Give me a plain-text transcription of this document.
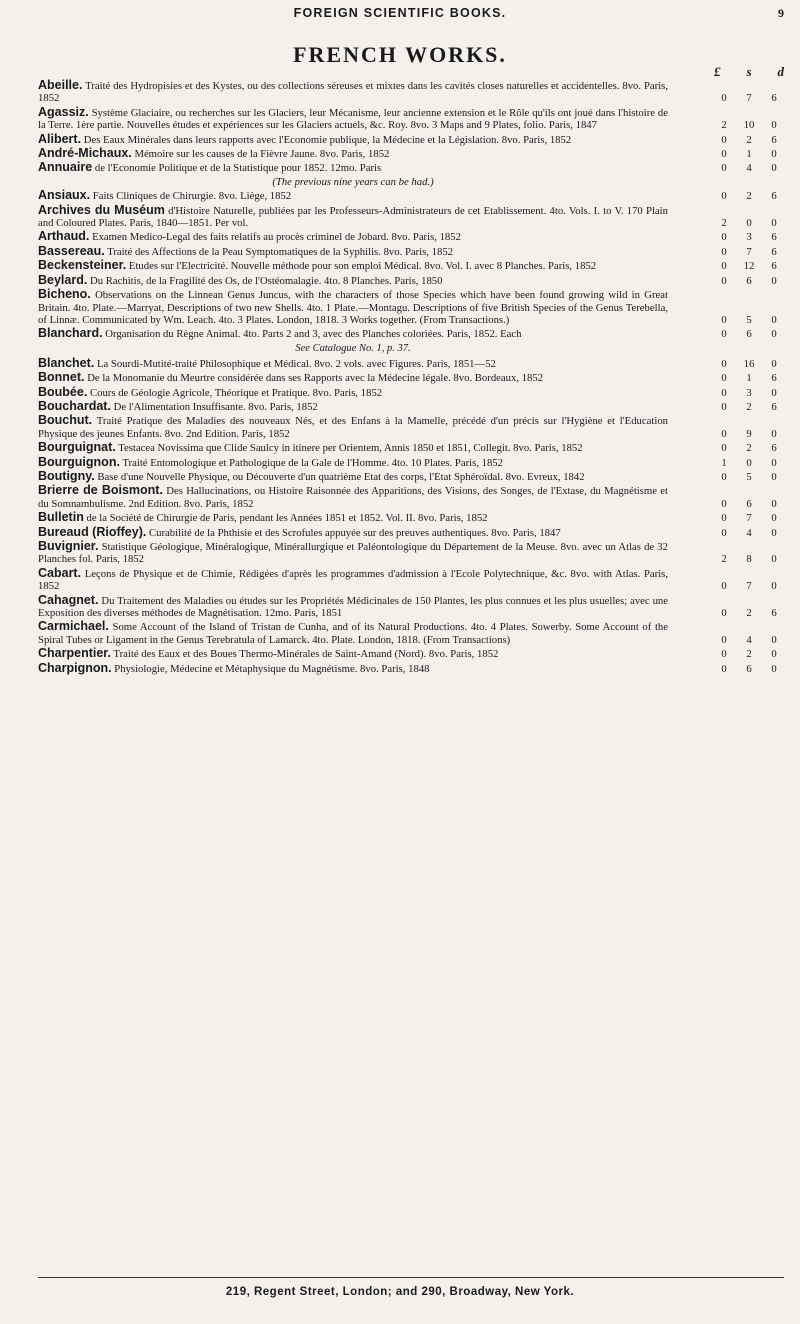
FOREIGN SCIENTIFIC BOOKS.	9
FRENCH WORKS.
£ s d
Abeille. Traité des Hydropisies et des Kystes, ou des collections séreuses et mixtes dans les cavités closes naturelles et accidentelles. 8vo. Paris, 1852	0	7	6
Agassiz. Système Glaciaire, ou recherches sur les Glaciers, leur Mécanisme, leur ancienne extension et le Rôle qu'ils ont joué dans l'histoire de la Terre. 1ère partie. Nouvelles études et expériences sur les Glaciers actuels, &c. Roy. 8vo. 3 Maps and 9 Plates, folio. Paris, 1847	2	10	0
Alibert. Des Eaux Minérales dans leurs rapports avec l'Economie publique, la Médecine et la Législation. 8vo. Paris, 1852	0	2	6
André-Michaux. Mémoire sur les causes de la Fièvre Jaune. 8vo. Paris, 1852	0	1	0
Annuaire de l'Economie Politique et de la Statistique pour 1852. 12mo. Paris	0	4	0
(The previous nine years can be had.)
Ansiaux. Faits Cliniques de Chirurgie. 8vo. Liège, 1852	0	2	6
Archives du Muséum d'Histoire Naturelle, publiées par les Professeurs-Administrateurs de cet Etablissement. 4to. Vols. I. to V. 170 Plain and Coloured Plates. Paris, 1840—1851. Per vol.	2	0	0
Arthaud. Examen Medico-Legal des faits relatifs au procès criminel de Jobard. 8vo. Paris, 1852	0	3	6
Bassereau. Traité des Affections de la Peau Symptomatiques de la Syphilis. 8vo. Paris, 1852	0	7	6
Beckensteiner. Etudes sur l'Electricité. Nouvelle méthode pour son emploi Médical. 8vo. Vol. I. avec 8 Planches. Paris, 1852	0	12	6
Beylard. Du Rachitis, de la Fragilité des Os, de l'Ostéomalagie. 4to. 8 Planches. Paris, 1850	0	6	0
Bicheno. Observations on the Linnean Genus Juncus, with the characters of those Species which have been found growing wild in Great Britain. 4to. Plate.—Marryat, Descriptions of two new Shells. 4to. 1 Plate.—Montagu. Descriptions of five British Species of the Genus Terebella, of Linnæ. Communicated by Wm. Leach. 4to. 3 Plates. London, 1818. 3 Works together. (From Transactions.)	0	5	0
Blanchard. Organisation du Règne Animal. 4to. Parts 2 and 3, avec des Planches coloriées. Paris, 1852. Each	0	6	0
See Catalogue No. 1, p. 37.
Blanchet. La Sourdi-Mutité-traité Philosophique et Médical. 8vo. 2 vols. avec Figures. Paris, 1851—52	0	16	0
Bonnet. De la Monomanie du Meurtre considérée dans ses Rapports avec la Médecine légale. 8vo. Bordeaux, 1852	0	1	6
Boubée. Cours de Géologie Agricole, Théorique et Pratique. 8vo. Paris, 1852	0	3	0
Bouchardat. De l'Alimentation Insuffisante. 8vo. Paris, 1852	0	2	6
Bouchut. Traité Pratique des Maladies des nouveaux Nés, et des Enfans à la Mamelle, précédé d'un précis sur l'Hygiène et l'Education Physique des jeunes Enfants. 8vo. 2nd Edition. Paris, 1852	0	9	0
Bourguignat. Testacea Novissima que Clide Saulcy in itinere per Orientem, Annis 1850 et 1851, Collegit. 8vo. Paris, 1852	0	2	6
Bourguignon. Traité Entomologique et Pathologique de la Gale de l'Homme. 4to. 10 Plates. Paris, 1852	1	0	0
Boutigny. Base d'une Nouvelle Physique, ou Découverte d'un quatrième Etat des corps, l'Etat Sphéroïdal. 8vo. Evreux, 1842	0	5	0
Brierre de Boismont. Des Hallucinations, ou Histoire Raisonnée des Apparitions, des Visions, des Songes, de l'Extase, du Magnétisme et du Somnambulisme. 2nd Edition. 8vo. Paris, 1852	0	6	0
Bulletin de la Société de Chirurgie de Paris, pendant les Années 1851 et 1852. Vol. II. 8vo. Paris, 1852	0	7	0
Bureaud (Rioffey). Curabilité de la Phthisie et des Scrofules appuyée sur des preuves authentiques. 8vo. Paris, 1847	0	4	0
Buvignier. Statistique Géologique, Minéralogique, Minérallurgique et Paléontologique du Département de la Meuse. 8vo. avec un Atlas de 32 Planches fol. Paris, 1852	2	8	0
Cabart. Leçons de Physique et de Chimie, Rédigées d'après les programmes d'admission à l'Ecole Polytechnique, &c. 8vo. with Atlas. Paris, 1852	0	7	0
Cahagnet. Du Traitement des Maladies ou études sur les Propriétés Médicinales de 150 Plantes, les plus connues et les plus usuelles; avec une Exposition des diverses méthodes de Magnétisation. 12mo. Paris, 1851	0	2	6
Carmichael. Some Account of the Island of Tristan de Cunha, and of its Natural Productions. 4to. 4 Plates. Sowerby. Some Account of the Spiral Tubes or Ligament in the Genus Terebratula of Lamarck. 4to. Plate. London, 1818. (From Transactions)	0	4	0
Charpentier. Traité des Eaux et des Boues Thermo-Minérales de Saint-Amand (Nord). 8vo. Paris, 1852	0	2	0
Charpignon. Physiologie, Médecine et Métaphysique du Magnétisme. 8vo. Paris, 1848	0	6	0
219, Regent Street, London; and 290, Broadway, New York.
